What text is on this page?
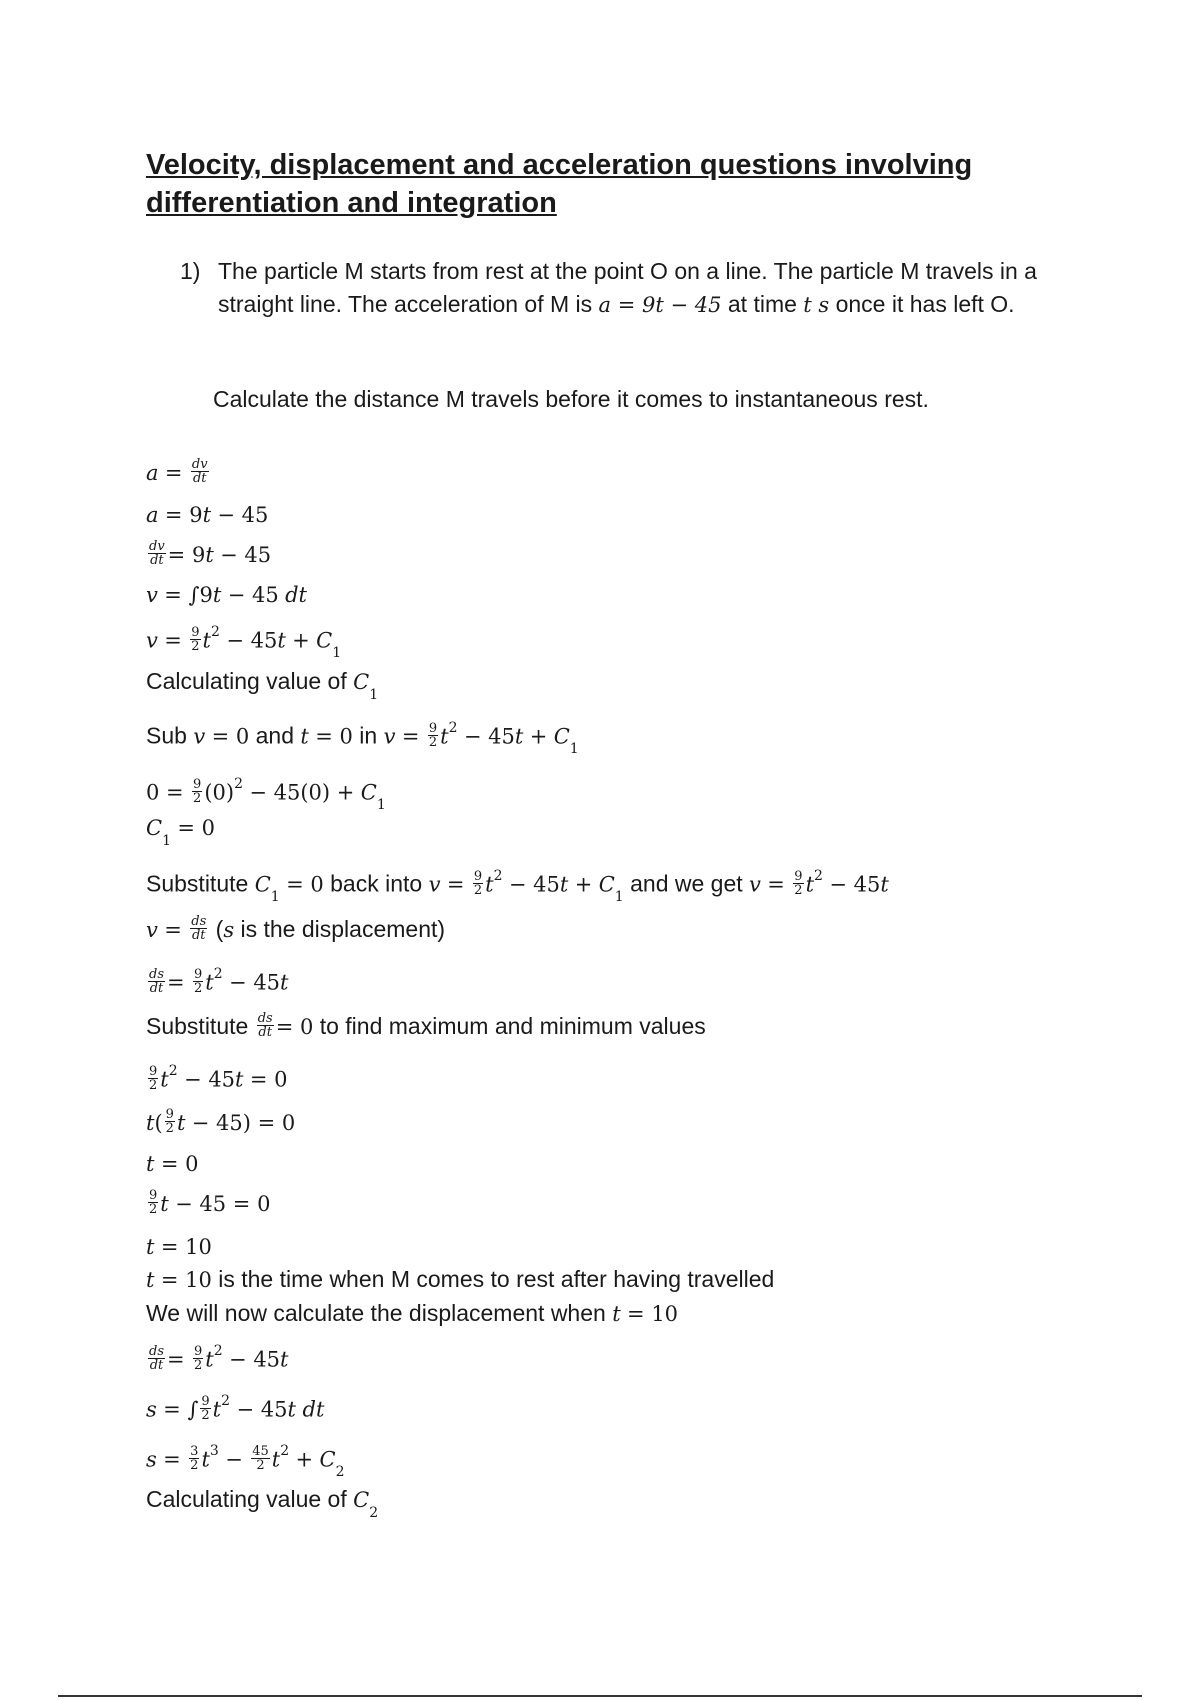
Velocity, displacement and acceleration questions involving differentiation and integration
1) The particle M starts from rest at the point O on a line. The particle M travels in a straight line. The acceleration of M is a = 9t − 45 at time t s once it has left O.
Calculate the distance M travels before it comes to instantaneous rest.
$a = \frac{dv}{dt}$
a = 9t − 45
$\frac{dv}{dt} = 9t - 45$
v = ∫9t − 45 dt
$v = \frac{9}{2} t^2 - 45t + C_1$
Calculating value of $C_1$
Sub v = 0 and t = 0 in $v = \frac{9}{2} t^2 - 45t + C_1$
$0 = \frac{9}{2} (0)^2 - 45(0) + C_1$
$C_1 = 0$
Substitute $C_1 = 0$ back into $v = \frac{9}{2} t^2 - 45t + C_1$ and we get $v = \frac{9}{2} t^2 - 45t$
$v = \frac{ds}{dt} (s$ is the displacement)
$\frac{ds}{dt} = \frac{9}{2} t^2 - 45t$
Substitute $\frac{ds}{dt} = 0$ to find maximum and minimum values
$\frac{9}{2} t^2 - 45t = 0$
$t( \frac{9}{2}$ t − 45) = 0
t = 0
$\frac{9}{2}$ t − 45 = 0
t = 10
t = 10 is the time when M comes to rest after having travelled
We will now calculate the displacement when t = 10
$\frac{ds}{dt} = \frac{9}{2} t^2 - 45t$
s = ∫ $\frac{9}{2} t^2 - 45t$ dt
$s = \frac{3}{2} t^3 - \frac{45}{2} t^2 + C_2$
Calculating value of $C_2$
